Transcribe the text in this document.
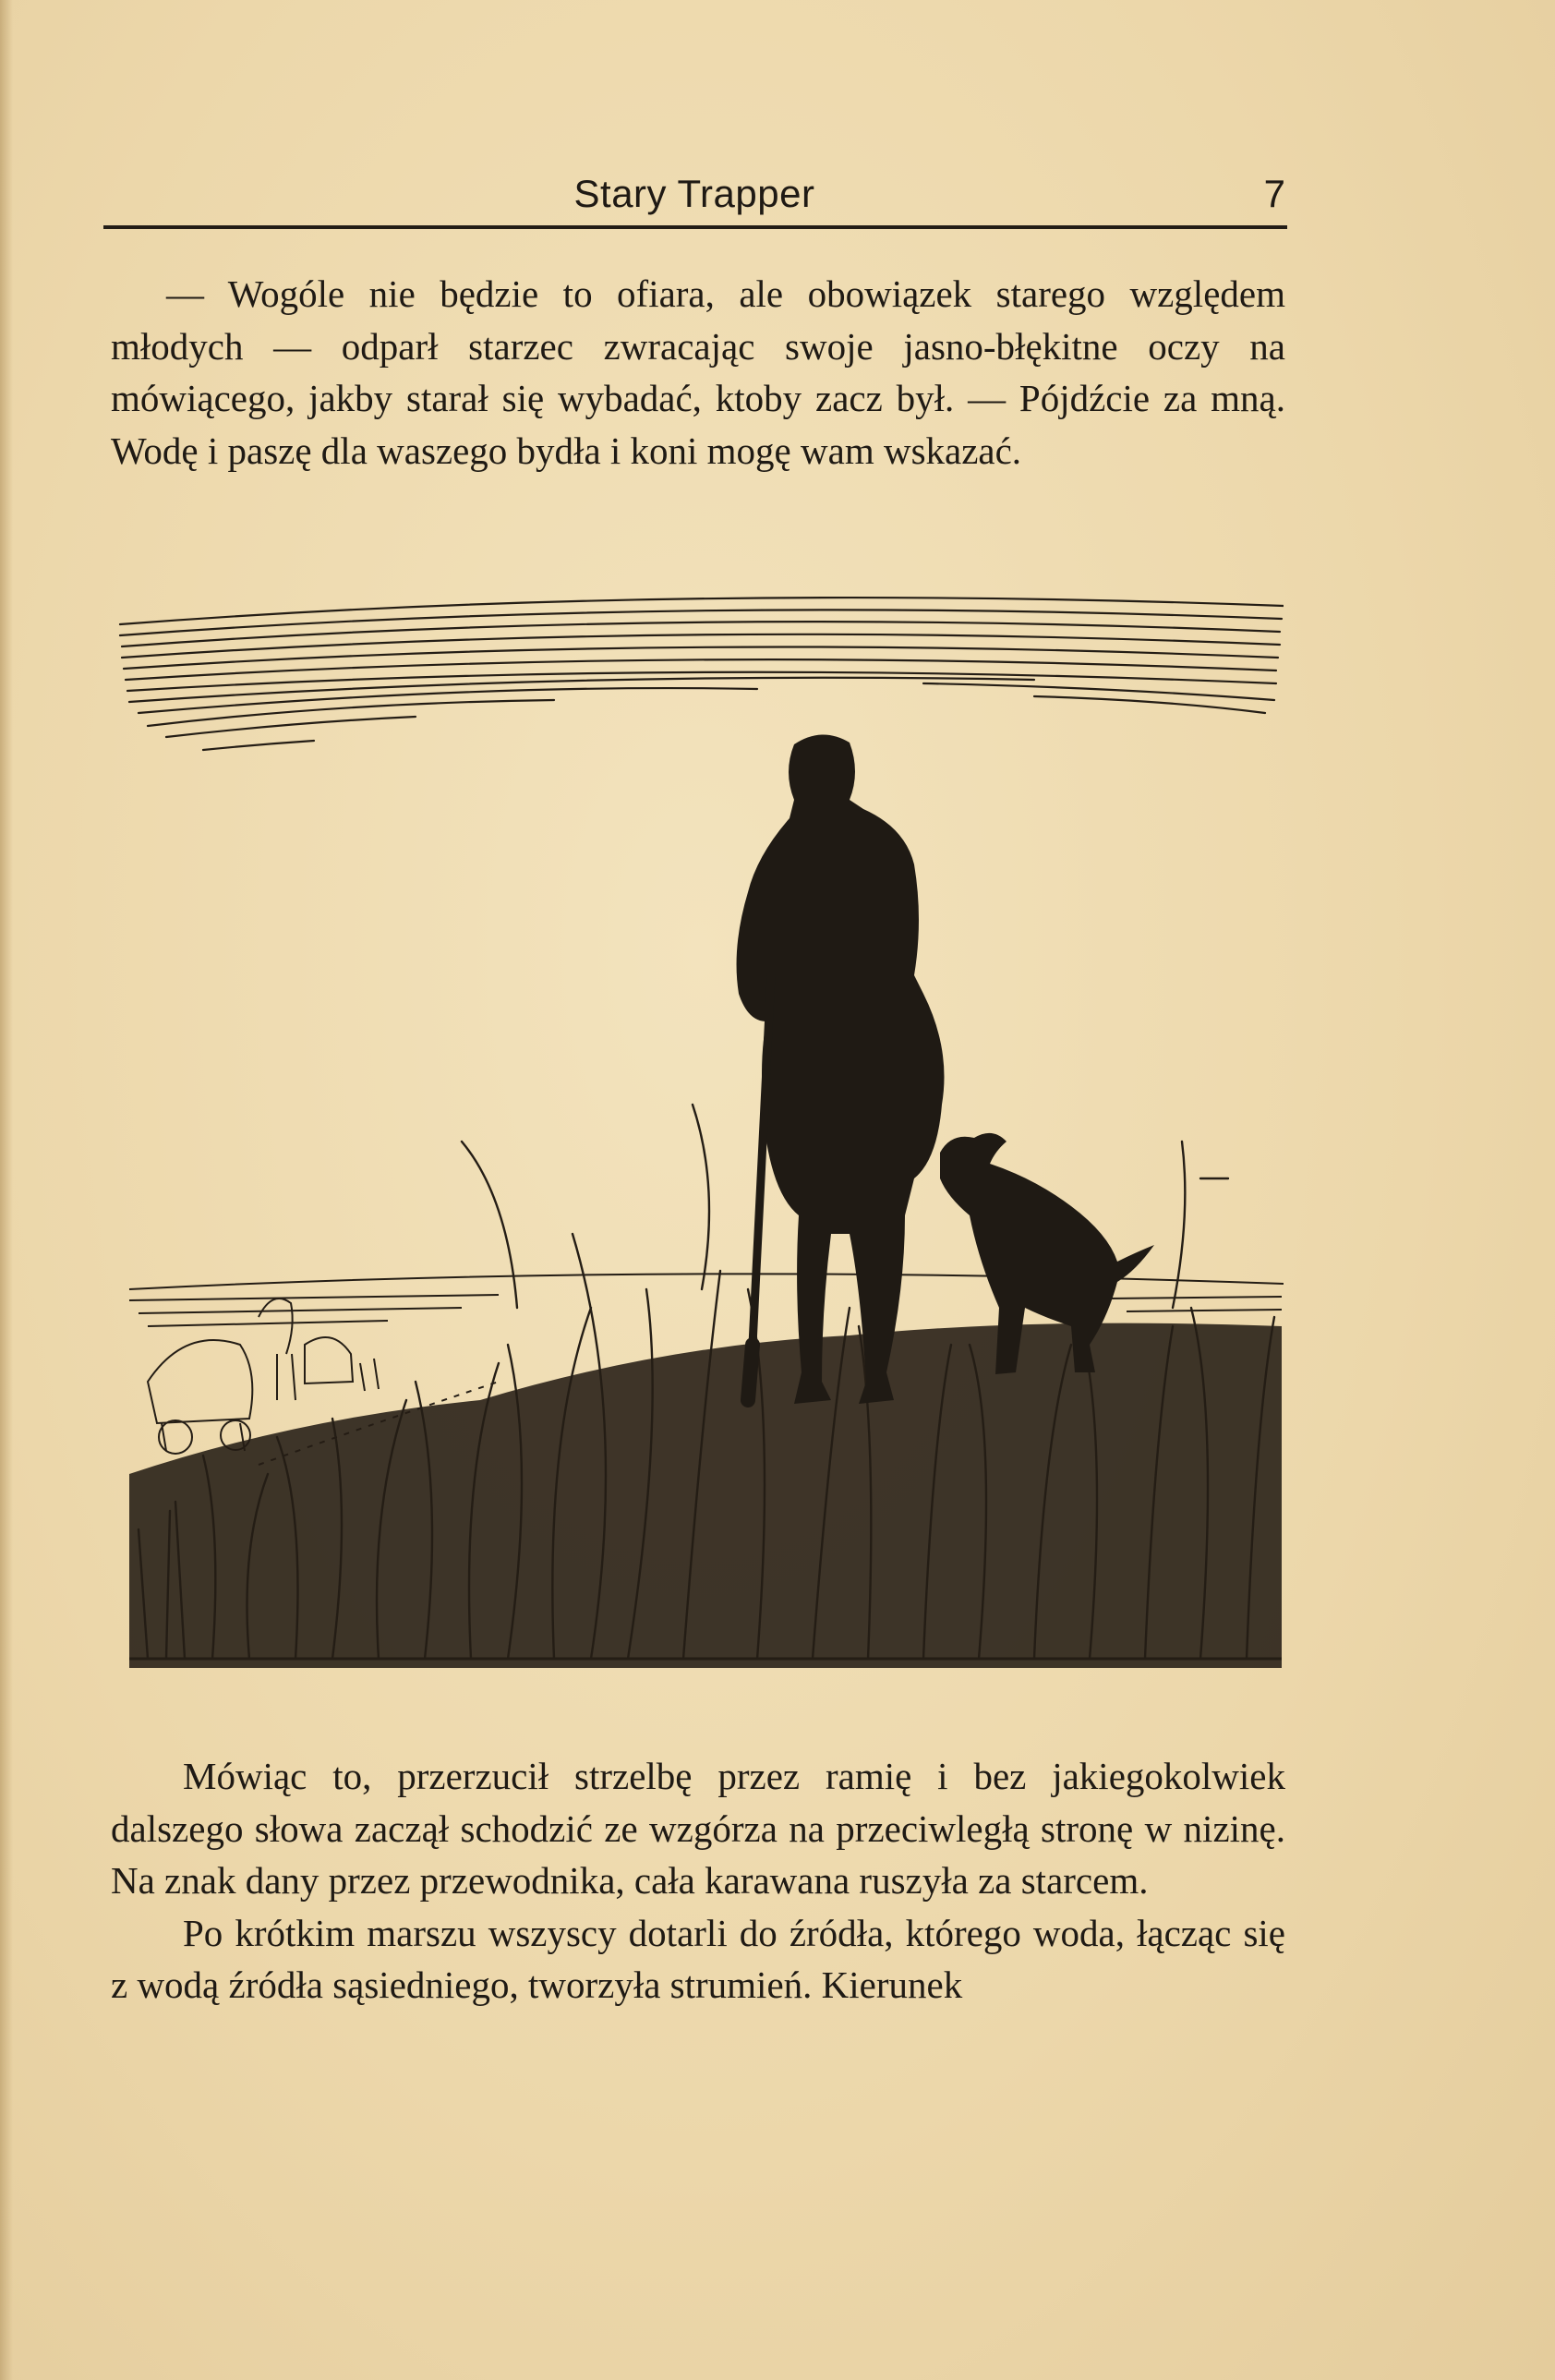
Stary Trapper	7

— Wogóle nie będzie to ofiara, ale obowiązek starego względem młodych — odparł starzec zwracając swoje jasno-błękitne oczy na mówiącego, jakby starał się wybadać, ktoby zacz był. — Pójdźcie za mną. Wodę i paszę dla waszego bydła i koni mogę wam wskazać.

Mówiąc to, przerzucił strzelbę przez ramię i bez jakiegokolwiek dalszego słowa zaczął schodzić ze wzgórza na przeciwległą stronę w nizinę. Na znak dany przez przewodnika, cała karawana ruszyła za starcem.

Po krótkim marszu wszyscy dotarli do źródła, którego woda, łącząc się z wodą źródła sąsiedniego, tworzyła strumień. Kierunek
